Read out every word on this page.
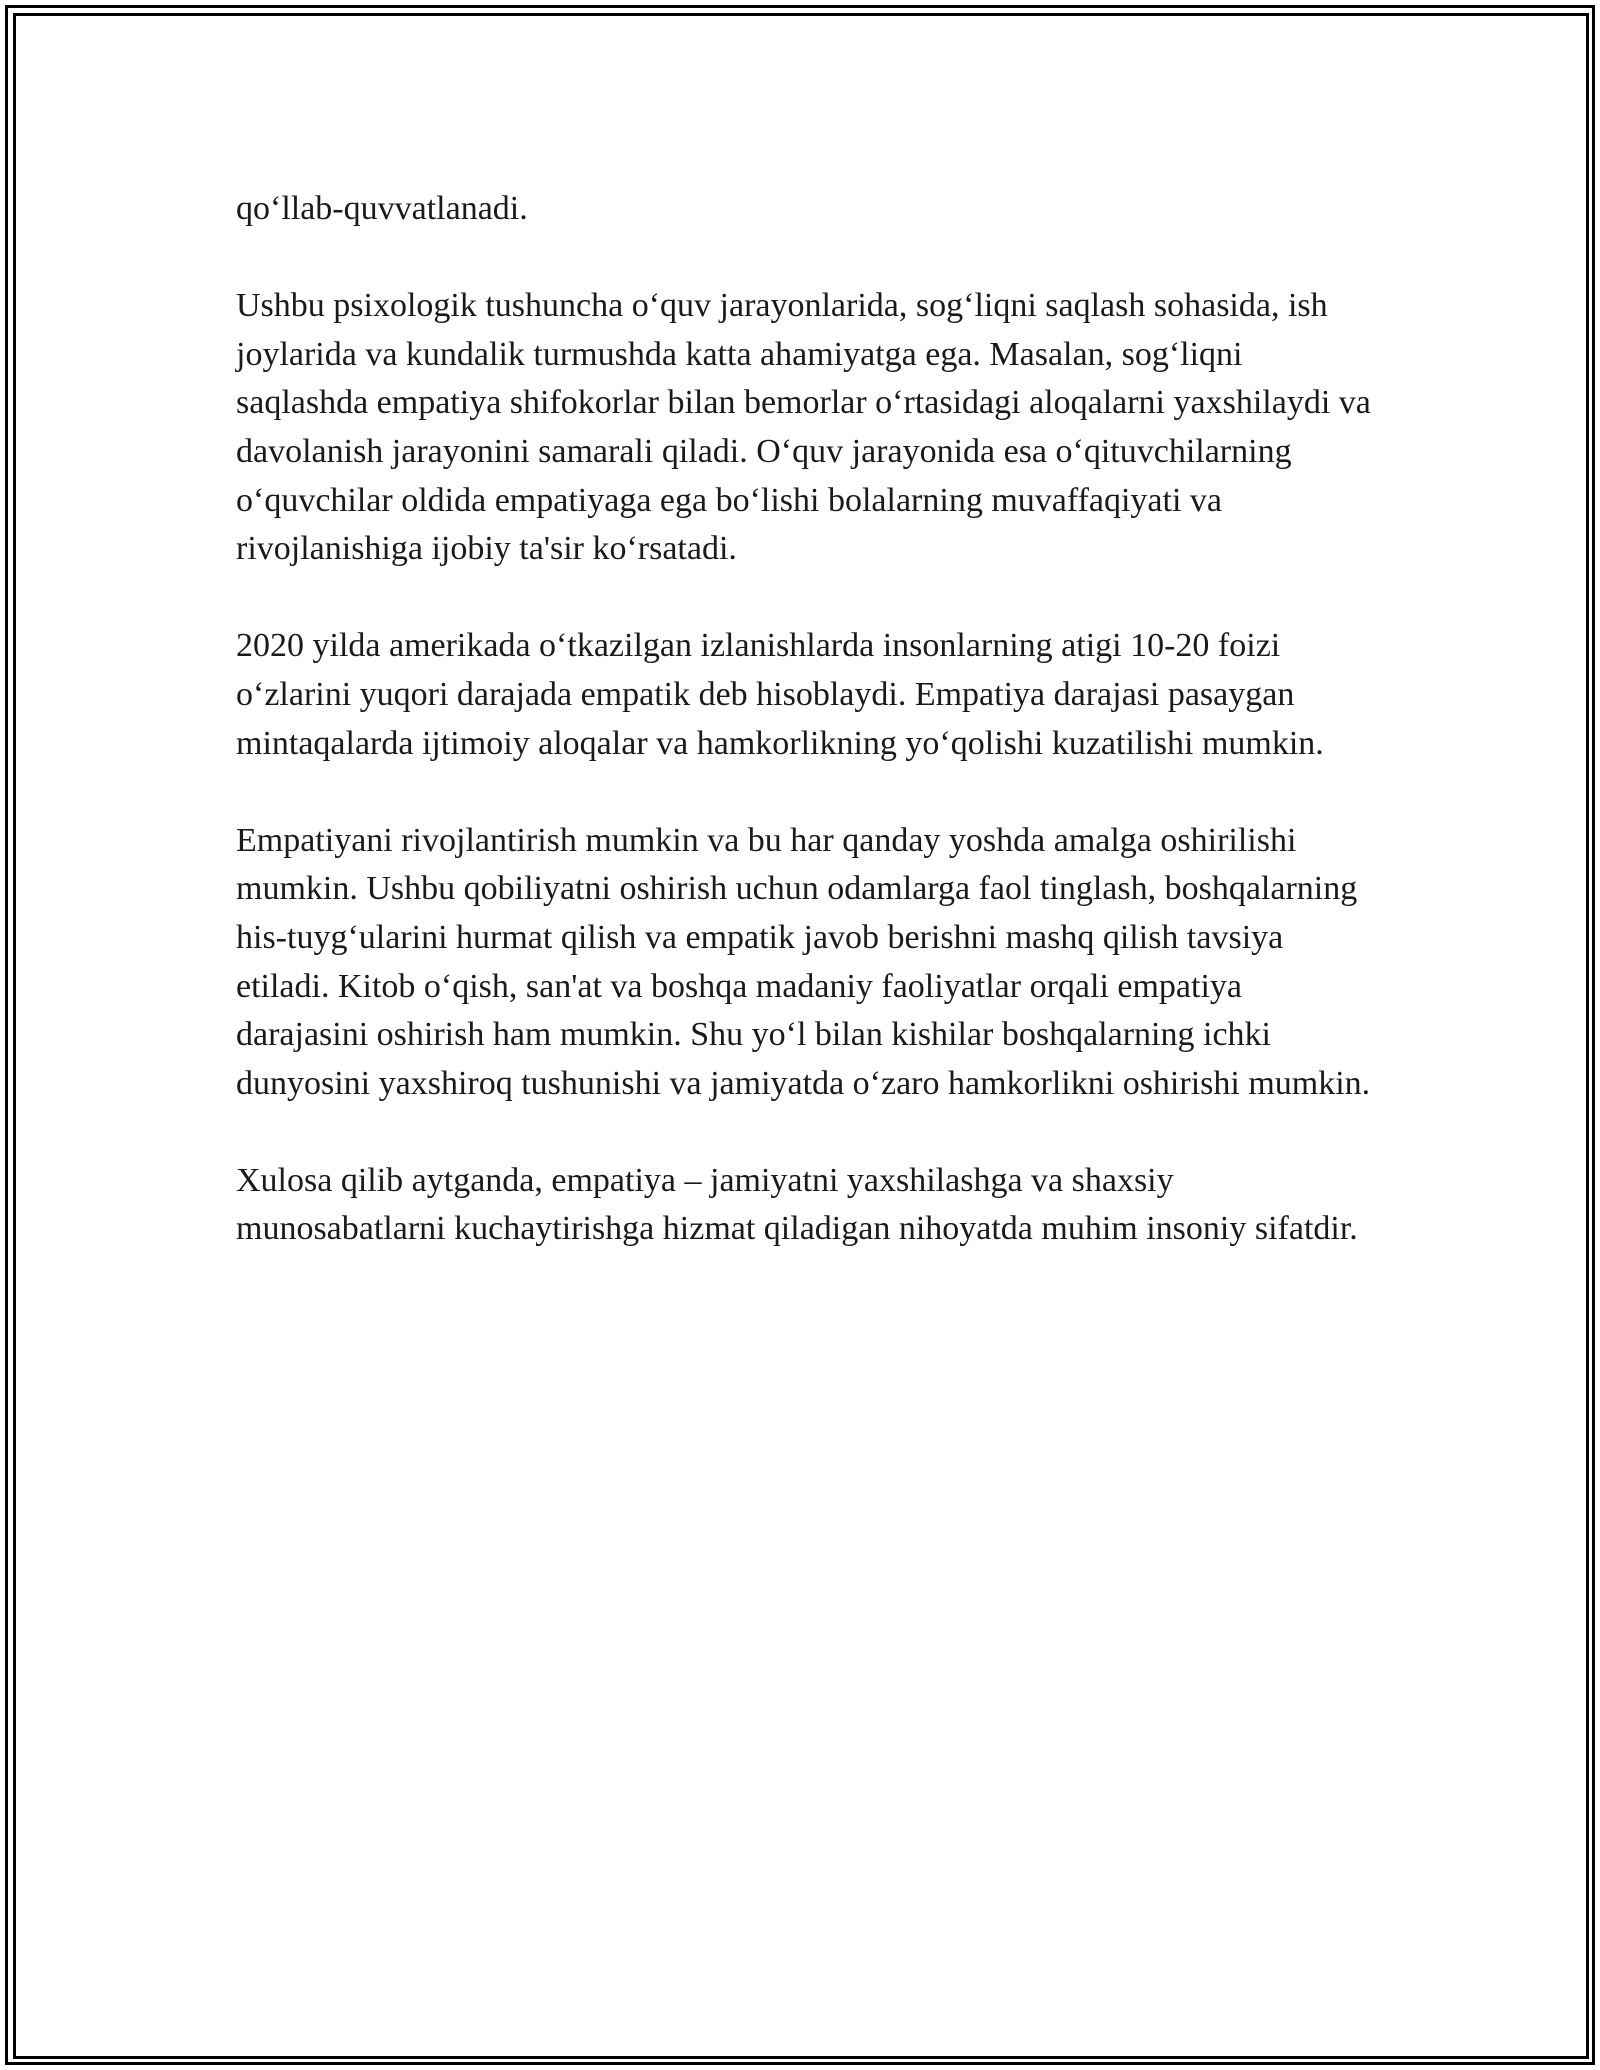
qo‘llab-quvvatlanadi.

Ushbu psixologik tushuncha o‘quv jarayonlarida, sog‘liqni saqlash sohasida, ish joylarida va kundalik turmushda katta ahamiyatga ega. Masalan, sog‘liqni saqlashda empatiya shifokorlar bilan bemorlar o‘rtasidagi aloqalarni yaxshilaydi va davolanish jarayonini samarali qiladi. O‘quv jarayonida esa o‘qituvchilarning o‘quvchilar oldida empatiyaga ega bo‘lishi bolalarning muvaffaqiyati va rivojlanishiga ijobiy ta'sir ko‘rsatadi.

2020 yilda amerikada o‘tkazilgan izlanishlarda insonlarning atigi 10-20 foizi o‘zlarini yuqori darajada empatik deb hisoblaydi. Empatiya darajasi pasaygan mintaqalarda ijtimoiy aloqalar va hamkorlikning yo‘qolishi kuzatilishi mumkin.

Empatiyani rivojlantirish mumkin va bu har qanday yoshda amalga oshirilishi mumkin. Ushbu qobiliyatni oshirish uchun odamlarga faol tinglash, boshqalarning his-tuyg‘ularini hurmat qilish va empatik javob berishni mashq qilish tavsiya etiladi. Kitob o‘qish, san'at va boshqa madaniy faoliyatlar orqali empatiya darajasini oshirish ham mumkin. Shu yo‘l bilan kishilar boshqalarning ichki dunyosini yaxshiroq tushunishi va jamiyatda o‘zaro hamkorlikni oshirishi mumkin.

Xulosa qilib aytganda, empatiya – jamiyatni yaxshilashga va shaxsiy munosabatlarni kuchaytirishga hizmat qiladigan nihoyatda muhim insoniy sifatdir.
